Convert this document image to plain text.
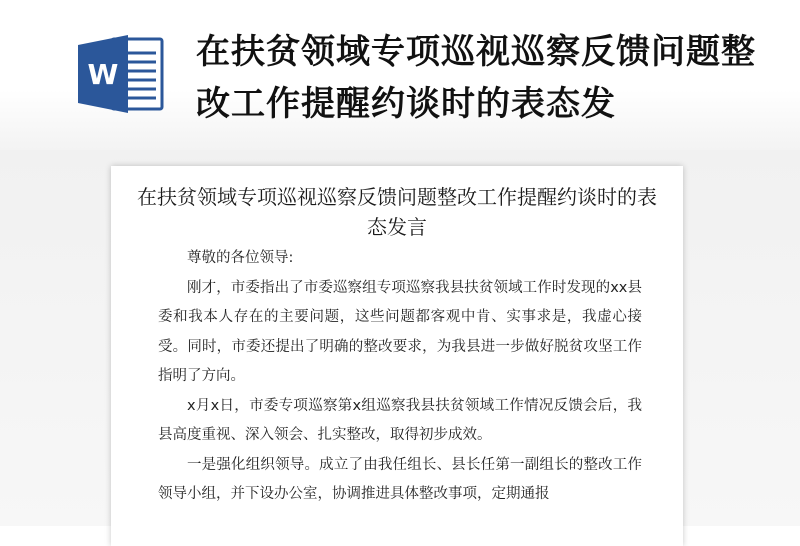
W
在扶贫领域专项巡视巡察反馈问题整改工作提醒约谈时的表态发
在扶贫领域专项巡视巡察反馈问题整改工作提醒约谈时的表态发言

尊敬的各位领导:

刚才，市委指出了市委巡察组专项巡察我县扶贫领域工作时发现的xx县委和我本人存在的主要问题，这些问题都客观中肯、实事求是，我虚心接受。同时，市委还提出了明确的整改要求，为我县进一步做好脱贫攻坚工作指明了方向。

x月x日，市委专项巡察第x组巡察我县扶贫领域工作情况反馈会后，我县高度重视、深入领会、扎实整改，取得初步成效。

一是强化组织领导。成立了由我任组长、县长任第一副组长的整改工作领导小组，并下设办公室，协调推进具体整改事项，定期通报
